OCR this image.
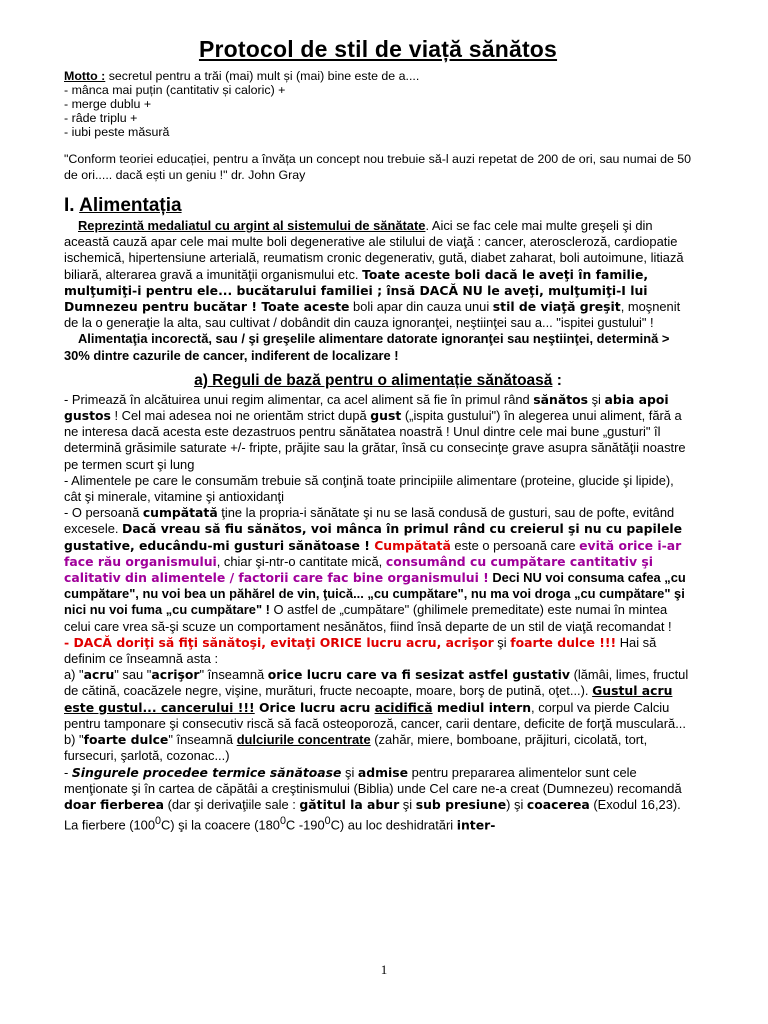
Protocol de stil de viață sănătos
Motto : secretul pentru a trăi (mai) mult și (mai) bine este de a....
- mânca mai puțin (cantitativ și caloric) +
- merge dublu +
- râde triplu +
- iubi peste măsură
"Conform teoriei educației, pentru a învăța un concept nou trebuie să-l auzi repetat de 200 de ori, sau numai de 50 de ori..... dacă ești un geniu !" dr. John Gray
I. Alimentația

Reprezintă medaliatul cu argint al sistemului de sănătate. Aici se fac cele mai multe greşeli şi din această cauză apar cele mai multe boli degenerative ale stilului de viaţă : cancer, ateroscleroză, cardiopatie ischemică, hipertensiune arterială, reumatism cronic degenerativ, gută, diabet zaharat, boli autoimune, litiază biliară, alterarea gravă a imunităţii organismului etc. Toate aceste boli dacă le aveţi în familie, mulţumiţi-i pentru ele... bucătarului familiei ; însă DACĂ NU le aveţi, mulţumiţi-I lui Dumnezeu pentru bucătar ! Toate aceste boli apar din cauza unui stil de viaţă greşit, moşnenit de la o generaţie la alta, sau cultivat / dobândit din cauza ignoranţei, neştiinţei sau a... "ispitei gustului" !

Alimentaţia incorectă, sau / şi greşelile alimentare datorate ignoranţei sau neştiinţei, determină > 30% dintre cazurile de cancer, indiferent de localizare !

a) Reguli de bază pentru o alimentație sănătoasă :

- Primează în alcătuirea unui regim alimentar, ca acel aliment să fie în primul rând sănătos şi abia apoi gustos ! Cel mai adesea noi ne orientăm strict după gust („ispita gustului") în alegerea unui aliment, fără a ne interesa dacă acesta este dezastruos pentru sănătatea noastră ! Unul dintre cele mai bune „gusturi" îl determină grăsimile saturate +/- fripte, prăjite sau la grătar, însă cu consecinţe grave asupra sănătăţii noastre pe termen scurt şi lung

- Alimentele pe care le consumăm trebuie să conţină toate principiile alimentare (proteine, glucide şi lipide), cât şi minerale, vitamine şi antioxidanţi

- O persoană cumpătată ţine la propria-i sănătate şi nu se lasă condusă de gusturi, sau de pofte, evitând excesele. Dacă vreau să fiu sănătos, voi mânca în primul rând cu creierul şi nu cu papilele gustative, educându-mi gusturi sănătoase ! Cumpătată este o persoană care evită orice i-ar face rău organismului, chiar şi-ntr-o cantitate mică, consumând cu cumpătare cantitativ şi calitativ din alimentele / factorii care fac bine organismului ! Deci NU voi consuma cafea „cu cumpătare", nu voi bea un păhărel de vin, ţuică... „cu cumpătare", nu ma voi droga „cu cumpătare" şi nici nu voi fuma „cu cumpătare" ! O astfel de „cumpătare" (ghilimele premeditate) este numai în mintea celui care vrea să-şi scuze un comportament nesănătos, fiind însă departe de un stil de viaţă recomandat !

- DACĂ doriţi să fiţi sănătoşi, evitaţi ORICE lucru acru, acrişor şi foarte dulce !!! Hai să definim ce înseamnă asta :

a) "acru" sau "acrişor" înseamnă orice lucru care va fi sesizat astfel gustativ (lămâi, limes, fructul de cătină, coacăzele negre, vişine, murături, fructe necoapte, moare, borş de putină, oţet...). Gustul acru este gustul... cancerului !!! Orice lucru acru acidifică mediul intern, corpul va pierde Calciu pentru tamponare şi consecutiv riscă să facă osteoporoză, cancer, carii dentare, deficite de forţă musculară...

b) "foarte dulce" înseamnă dulciurile concentrate (zahăr, miere, bomboane, prăjituri, cicolată, tort, fursecuri, şarlotă, cozonac...)

- Singurele procedee termice sănătoase şi admise pentru prepararea alimentelor sunt cele menţionate şi în cartea de căpătâi a creştinismului (Biblia) unde Cel care ne-a creat (Dumnezeu) recomandă doar fierberea (dar şi derivaţiile sale : gătitul la abur şi sub presiune) şi coacerea (Exodul 16,23). La fierbere $(100^0C)$ şi la coacere ($180^0C$ $-190^0C$) au loc deshidratări inter-

1
